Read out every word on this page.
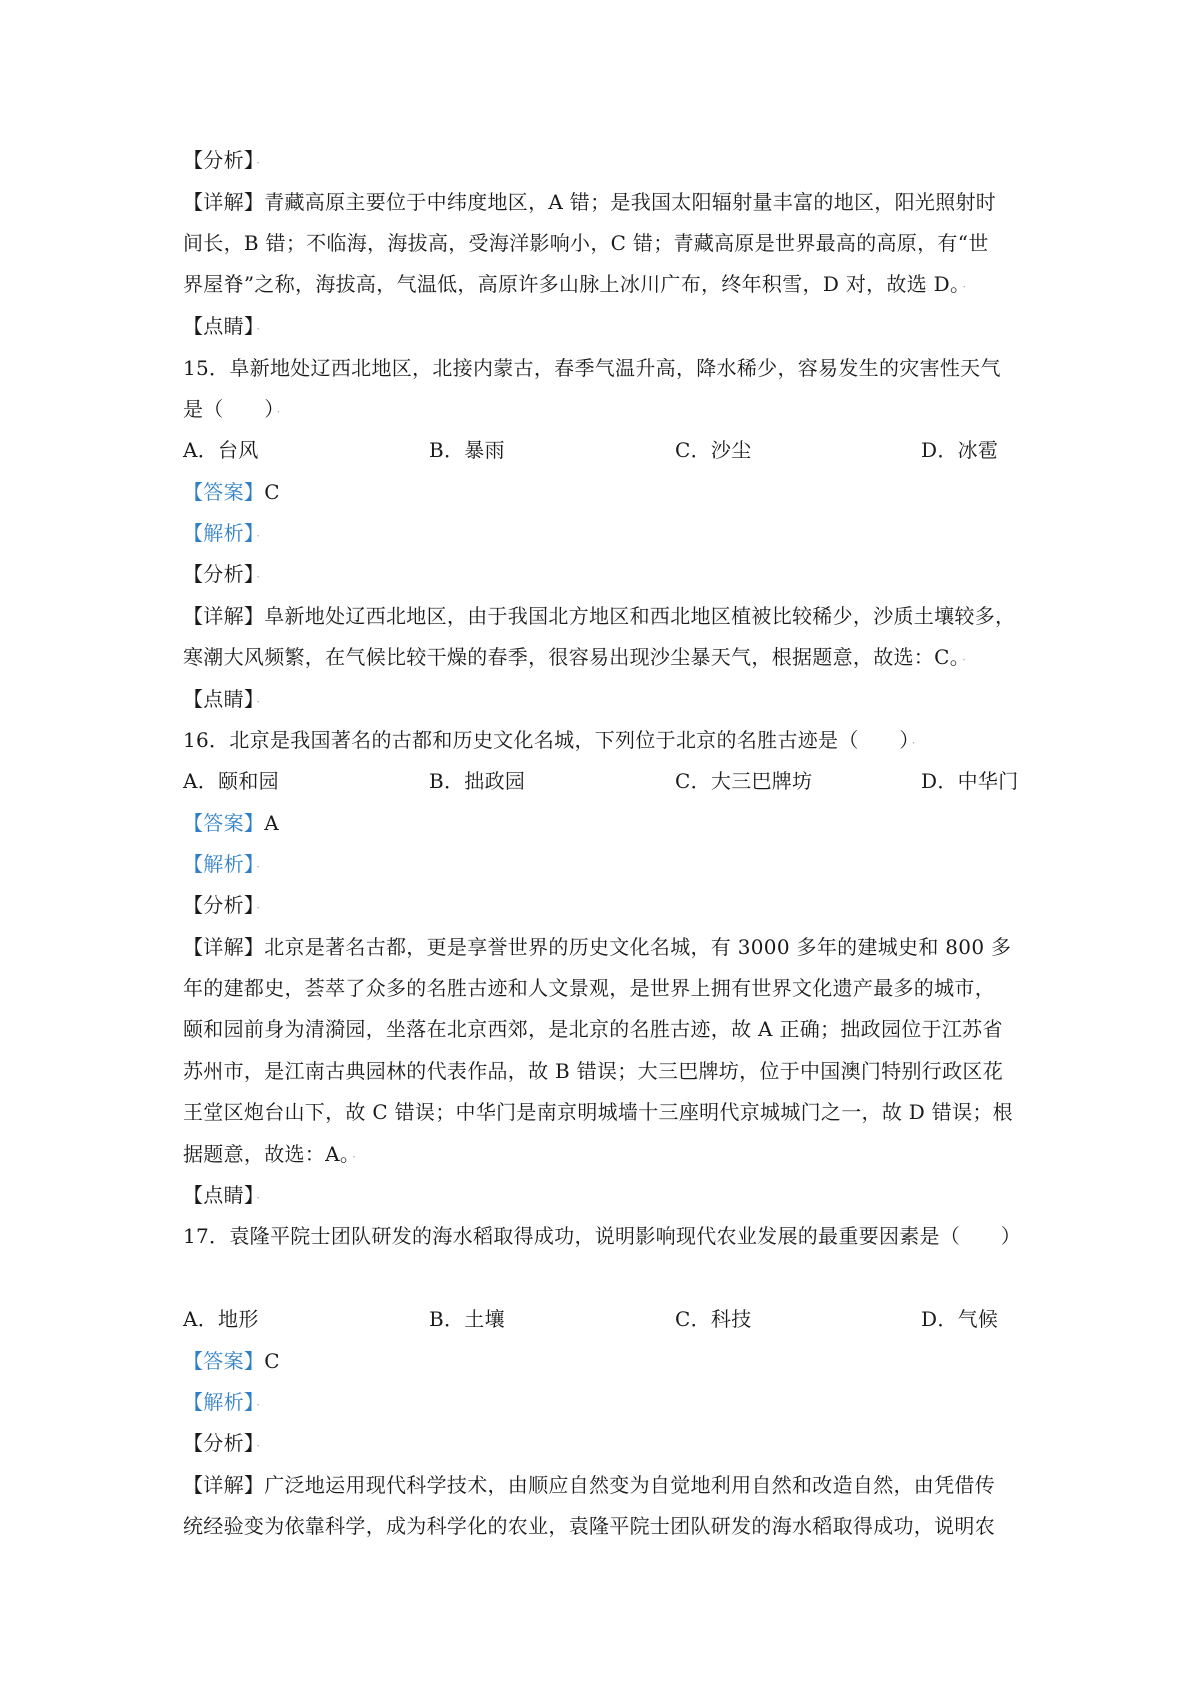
【分析】 ·
【详解】青藏高原主要位于中纬度地区，A 错；是我国太阳辐射量丰富的地区，阳光照射时
间长，B 错；不临海，海拔高，受海洋影响小，C 错；青藏高原是世界最高的高原，有“世
界屋脊”之称，海拔高，气温低，高原许多山脉上冰川广布，终年积雪，D 对，故选 D。 ·
【点睛】 ·
15．阜新地处辽西北地区，北接内蒙古，春季气温升高，降水稀少，容易发生的灾害性天气
是（　　） ·
A．台风	B．暴雨	C．沙尘	D．冰雹
【答案】C
【解析】 ·
【分析】 ·
【详解】阜新地处辽西北地区，由于我国北方地区和西北地区植被比较稀少，沙质土壤较多，
寒潮大风频繁，在气候比较干燥的春季，很容易出现沙尘暴天气，根据题意，故选：C。 ·
【点睛】 ·
16．北京是我国著名的古都和历史文化名城，下列位于北京的名胜古迹是（　　） ·
A．颐和园	B．拙政园	C．大三巴牌坊	D．中华门
【答案】A
【解析】 ·
【分析】 ·
【详解】北京是著名古都，更是享誉世界的历史文化名城，有 3000 多年的建城史和 800 多
年的建都史，荟萃了众多的名胜古迹和人文景观，是世界上拥有世界文化遗产最多的城市，
颐和园前身为清漪园，坐落在北京西郊，是北京的名胜古迹，故 A 正确；拙政园位于江苏省
苏州市，是江南古典园林的代表作品，故 B 错误；大三巴牌坊，位于中国澳门特别行政区花
王堂区炮台山下，故 C 错误；中华门是南京明城墙十三座明代京城城门之一，故 D 错误；根
据题意，故选：A。 ·
【点睛】 ·
17．袁隆平院士团队研发的海水稻取得成功，说明影响现代农业发展的最重要因素是（　　）
A．地形	B．土壤	C．科技	D．气候
【答案】C
【解析】 ·
【分析】 ·
【详解】广泛地运用现代科学技术，由顺应自然变为自觉地利用自然和改造自然，由凭借传
统经验变为依靠科学，成为科学化的农业，袁隆平院士团队研发的海水稻取得成功，说明农
